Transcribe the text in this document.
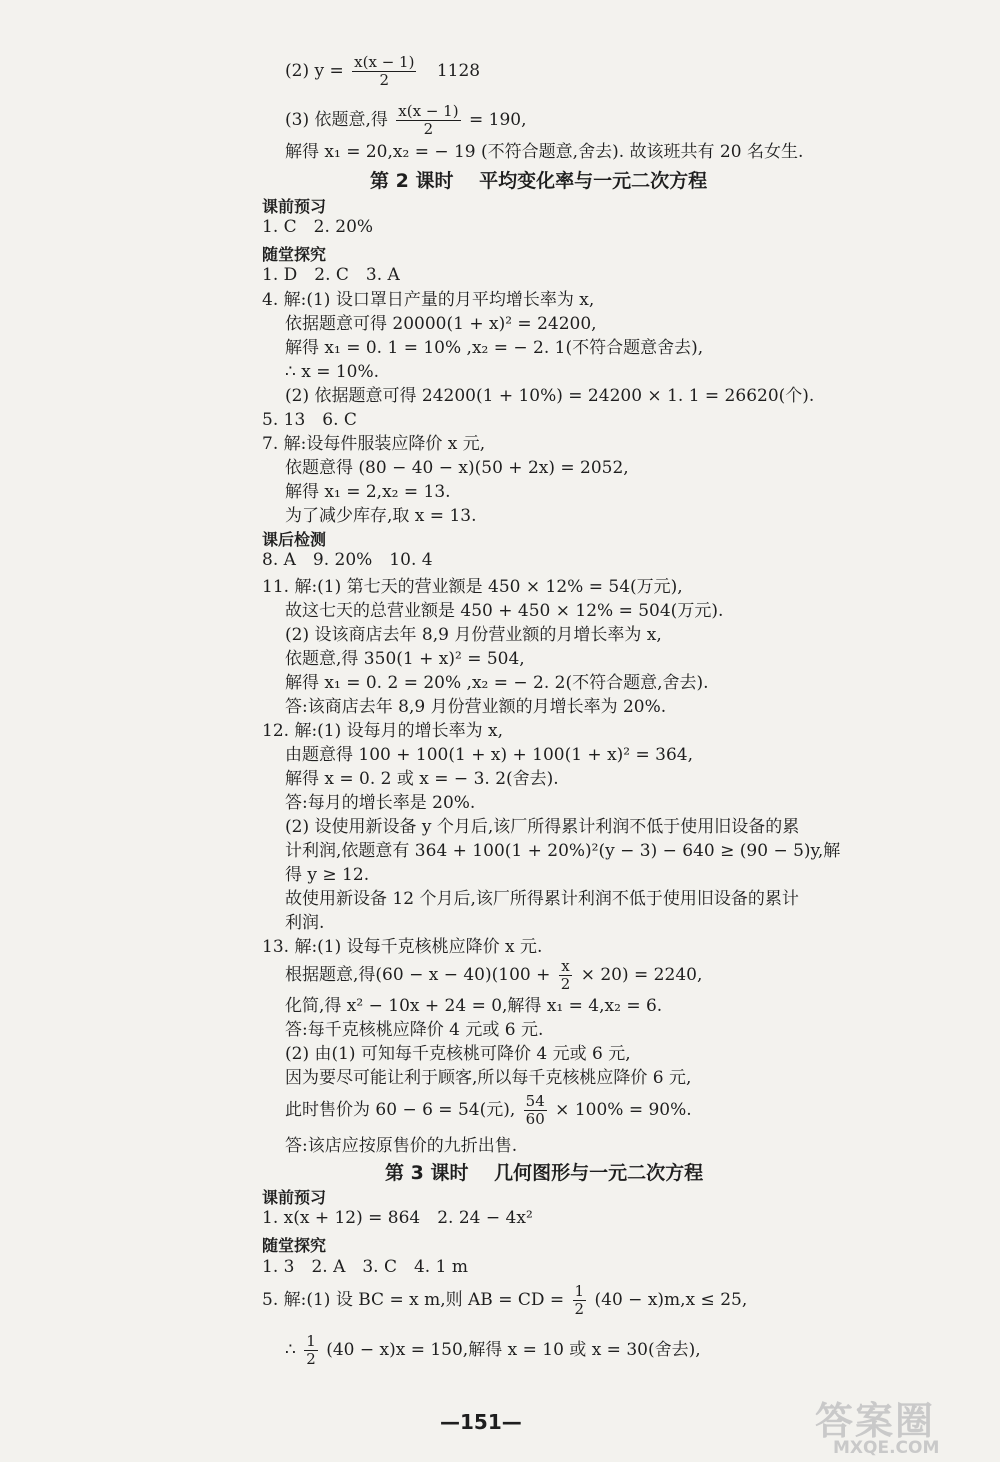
(2) $y = \frac{x(x - 1)}{2} 1128$
(3) 依题意,得 $\frac{x(x - 1)}{2} = 190$,
解得 x₁ = 20,x₂ = − 19 (不符合题意,舍去). 故该班共有 20 名女生.
第 2 课时　 平均变化率与一元二次方程
课前预习
1. C　2. 20%
随堂探究
1. D　2. C　3. A
4. 解:(1) 设口罩日产量的月平均增长率为 x,
依据题意可得 20000(1 + x)² = 24200,
解得 x₁ = 0. 1 = 10% ,x₂ = − 2. 1(不符合题意舍去),
∴ x = 10%.
(2) 依据题意可得 24200(1 + 10%) = 24200 × 1. 1 = 26620(个).
5. 13　6. C
7. 解:设每件服装应降价 x 元,
依题意得 (80 − 40 − x)(50 + 2x) = 2052,
解得 x₁ = 2,x₂ = 13.
为了减少库存,取 x = 13.
课后检测
8. A　9. 20%　10. 4
11. 解:(1) 第七天的营业额是 450 × 12% = 54(万元),
故这七天的总营业额是 450 + 450 × 12% = 504(万元).
(2) 设该商店去年 8,9 月份营业额的月增长率为 x,
依题意,得 350(1 + x)² = 504,
解得 x₁ = 0. 2 = 20% ,x₂ = − 2. 2(不符合题意,舍去).
答:该商店去年 8,9 月份营业额的月增长率为 20%.
12. 解:(1) 设每月的增长率为 x,
由题意得 100 + 100(1 + x) + 100(1 + x)² = 364,
解得 x = 0. 2 或 x = − 3. 2(舍去).
答:每月的增长率是 20%.
(2) 设使用新设备 y 个月后,该厂所得累计利润不低于使用旧设备的累
计利润,依题意有 364 + 100(1 + 20%)²(y − 3) − 640 ≥ (90 − 5)y,解
得 y ≥ 12.
故使用新设备 12 个月后,该厂所得累计利润不低于使用旧设备的累计
利润.
13. 解:(1) 设每千克核桃应降价 x 元.
根据题意,得$(60 - x - 40)(100 + \frac{x}{2} \times 20) = 2240$,
化简,得 x² − 10x + 24 = 0,解得 x₁ = 4,x₂ = 6.
答:每千克核桃应降价 4 元或 6 元.
(2) 由(1) 可知每千克核桃可降价 4 元或 6 元,
因为要尽可能让利于顾客,所以每千克核桃应降价 6 元,
此时售价为 60 − 6 = 54(元), $\frac{54}{60} \times 100\% = 90\%$.
答:该店应按原售价的九折出售.
第 3 课时　 几何图形与一元二次方程
课前预习
1. x(x + 12) = 864　2. 24 − 4x²
随堂探究
1. 3　2. A　3. C　4. 1 m
5. 解:(1) 设 BC = x m,则 AB = CD = $\frac{1}{2} (40 - x)m,x \le 25$,
∴ $\frac{1}{2} (40 - x)x = 150$,解得 x = 10 或 x = 30(舍去),
—151—	答案圈
MXQE.COM
